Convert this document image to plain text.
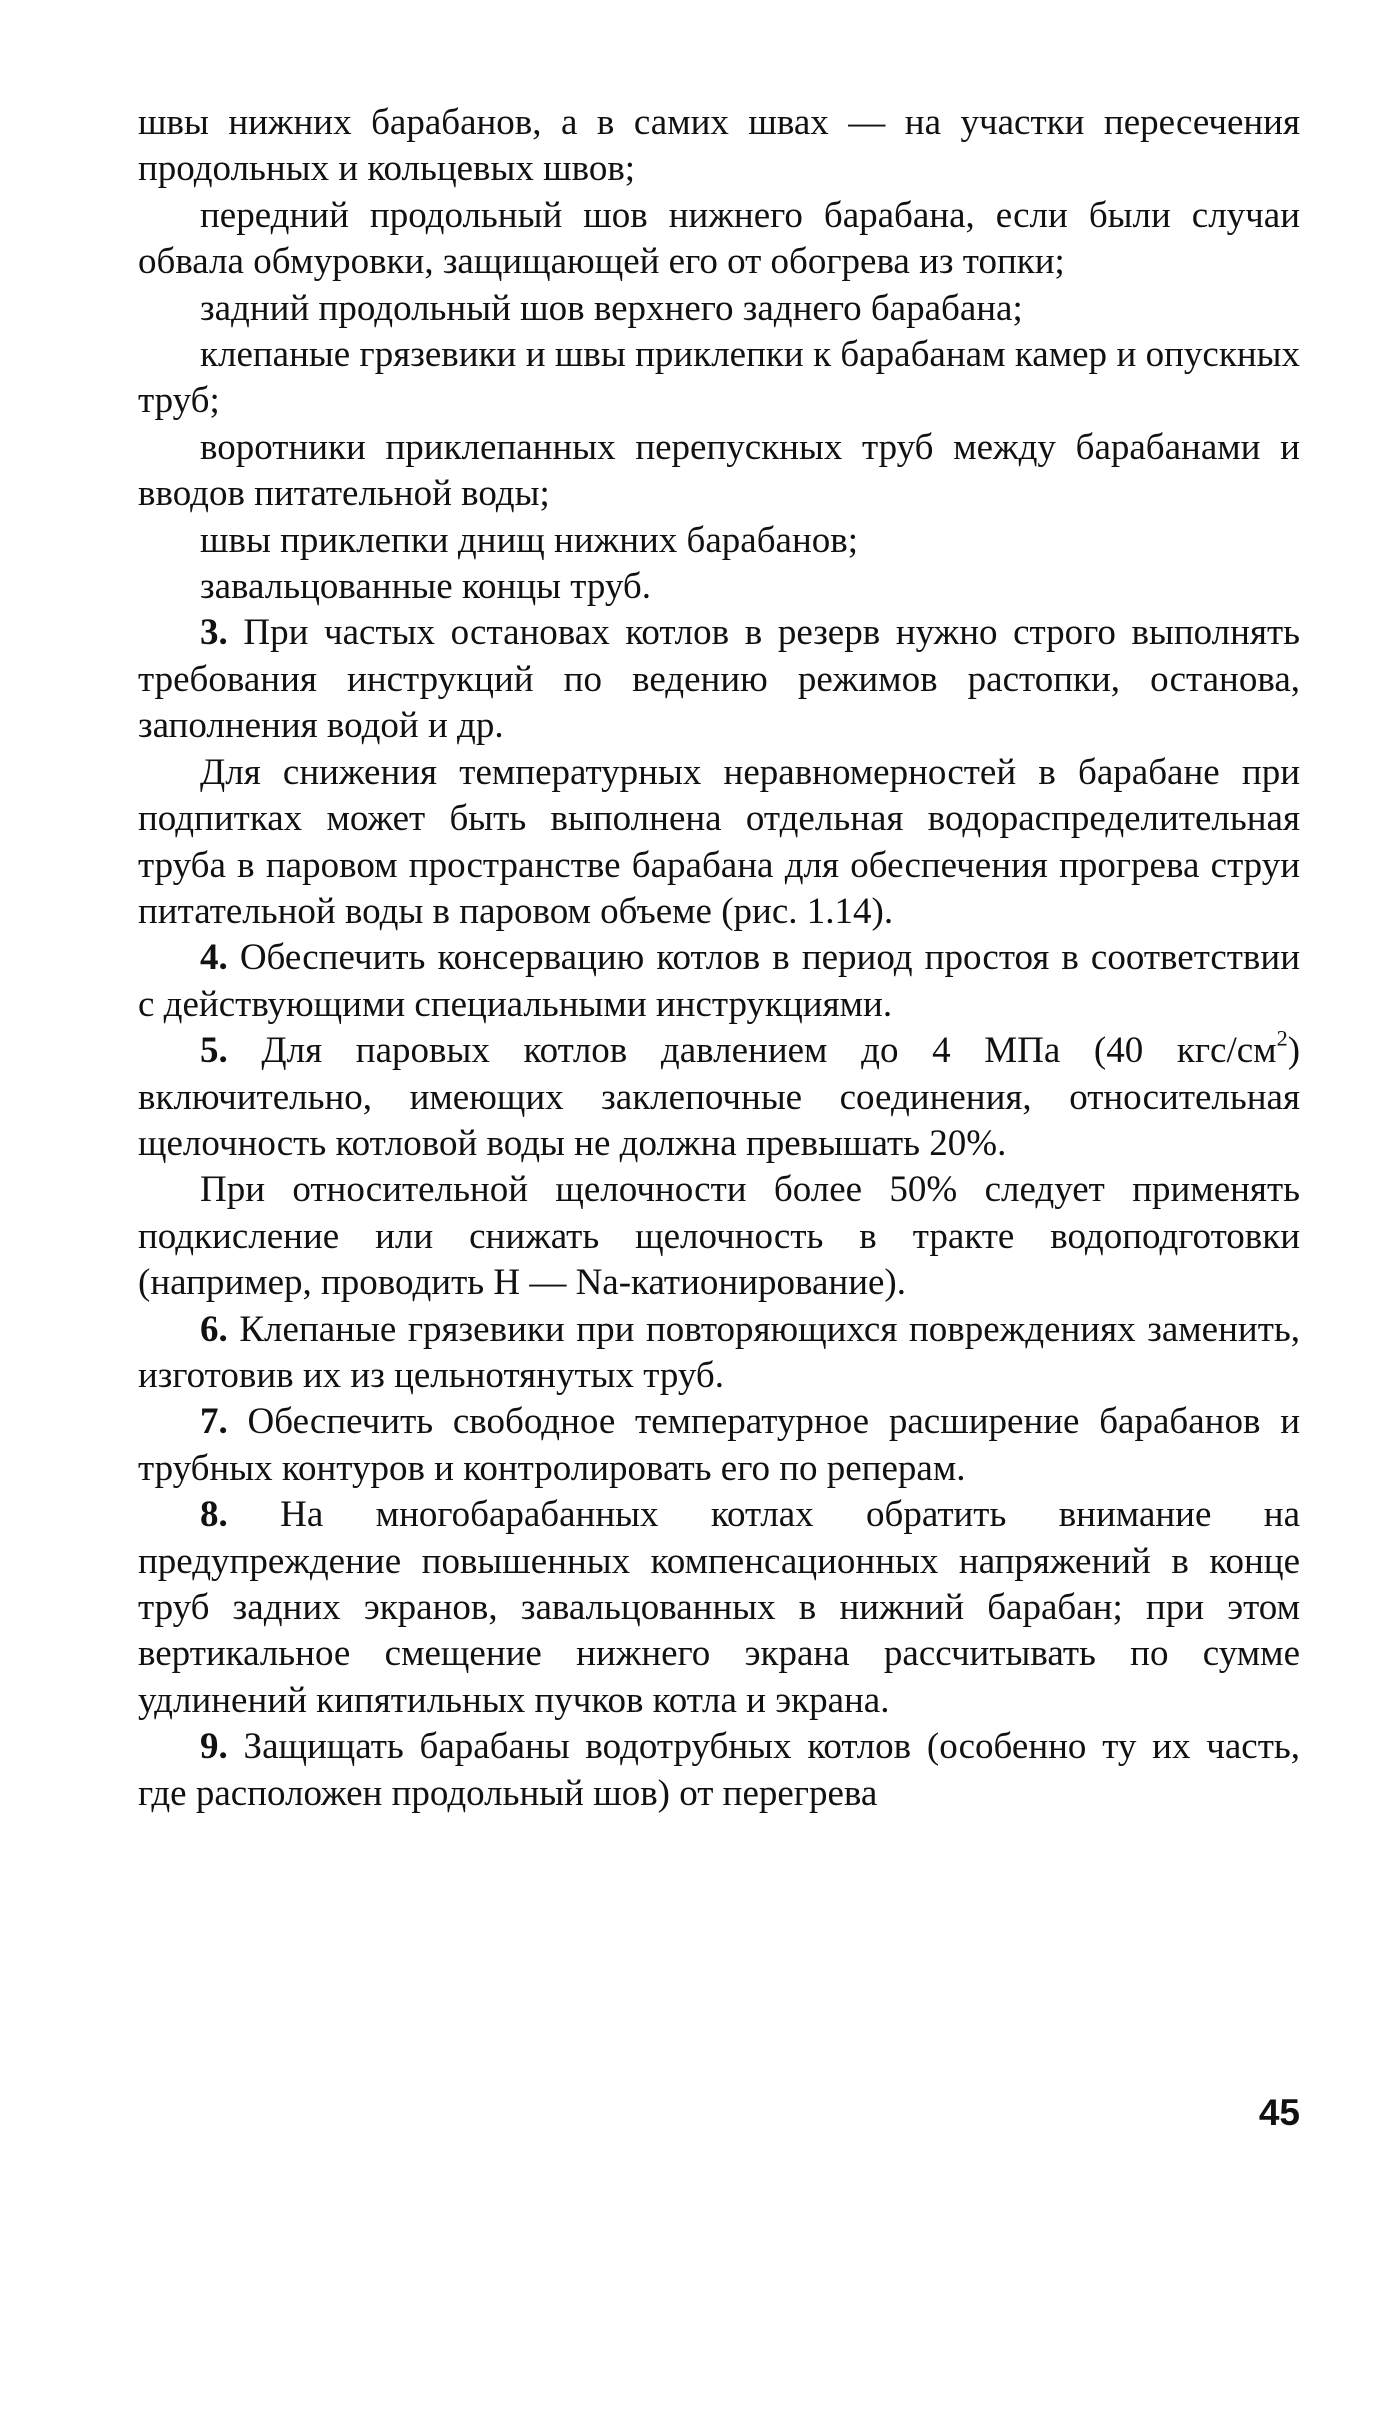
швы нижних барабанов, а в самих швах — на участки пересечения продольных и кольцевых швов;

передний продольный шов нижнего барабана, если были случаи обвала обмуровки, защищающей его от обогрева из топки;

задний продольный шов верхнего заднего барабана;

клепаные грязевики и швы приклепки к барабанам камер и опускных труб;

воротники приклепанных перепускных труб между барабанами и вводов питательной воды;

швы приклепки днищ нижних барабанов;

завальцованные концы труб.

3. При частых остановах котлов в резерв нужно строго выполнять требования инструкций по ведению режимов растопки, останова, заполнения водой и др.

Для снижения температурных неравномерностей в барабане при подпитках может быть выполнена отдельная водораспределительная труба в паровом пространстве барабана для обеспечения прогрева струи питательной воды в паровом объеме (рис. 1.14).

4. Обеспечить консервацию котлов в период простоя в соответствии с действующими специальными инструкциями.

5. Для паровых котлов давлением до 4 МПа (40 кгс/$см^2$) включительно, имеющих заклепочные соединения, относительная щелочность котловой воды не должна превышать 20%.

При относительной щелочности более 50% следует применять подкисление или снижать щелочность в тракте водоподготовки (например, проводить Н — Na-катионирование).

6. Клепаные грязевики при повторяющихся повреждениях заменить, изготовив их из цельнотянутых труб.

7. Обеспечить свободное температурное расширение барабанов и трубных контуров и контролировать его по реперам.

8. На многобарабанных котлах обратить внимание на предупреждение повышенных компенсационных напряжений в конце труб задних экранов, завальцованных в нижний барабан; при этом вертикальное смещение нижнего экрана рассчитывать по сумме удлинений кипятильных пучков котла и экрана.

9. Защищать барабаны водотрубных котлов (особенно ту их часть, где расположен продольный шов) от перегрева

45
